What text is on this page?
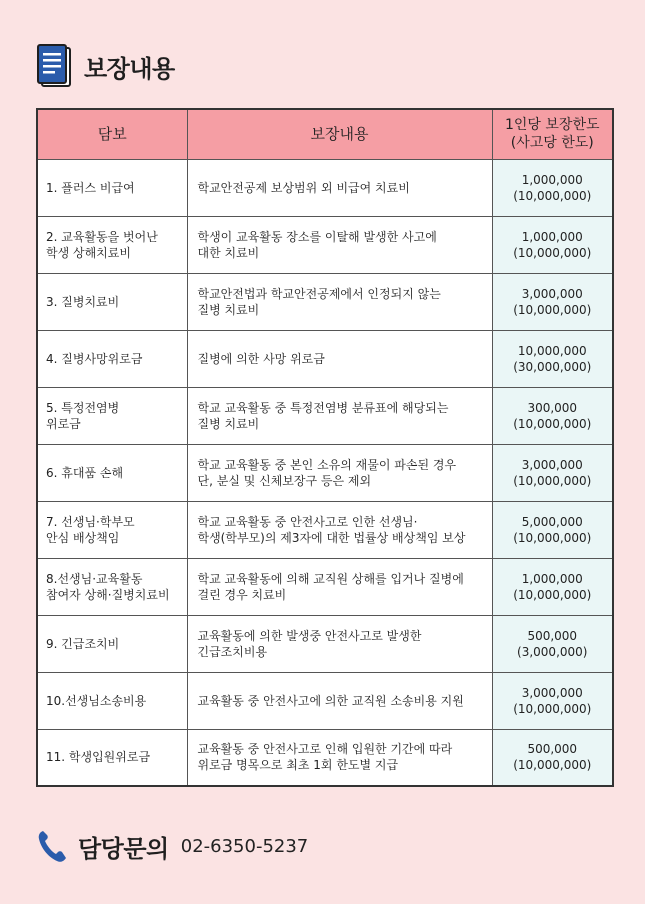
보장내용
담보	보장내용	1인당 보장한도
(사고당 한도)

1. 플러스 비급여	학교안전공제 보상범위 외 비급여 치료비	1,000,000
(10,000,000)

2. 교육활동을 벗어난
학생 상해치료비	학생이 교육활동 장소를 이탈해 발생한 사고에
대한 치료비	1,000,000
(10,000,000)

3. 질병치료비	학교안전법과 학교안전공제에서 인정되지 않는
질병 치료비	3,000,000
(10,000,000)

4. 질병사망위로금	질병에 의한 사망 위로금	10,000,000
(30,000,000)

5. 특정전염병
위로금	학교 교육활동 중 특정전염병 분류표에 해당되는
질병 치료비	300,000
(10,000,000)

6. 휴대품 손해	학교 교육활동 중 본인 소유의 재물이 파손된 경우
단, 분실 및 신체보장구 등은 제외	3,000,000
(10,000,000)

7. 선생님·학부모
안심 배상책임	학교 교육활동 중 안전사고로 인한 선생님·
학생(학부모)의 제3자에 대한 법률상 배상책임 보상	5,000,000
(10,000,000)

8.선생님·교육활동
참여자 상해·질병치료비	학교 교육활동에 의해 교직원 상해를 입거나 질병에
걸린 경우 치료비	1,000,000
(10,000,000)

9. 긴급조치비	교육활동에 의한 발생중 안전사고로 발생한
긴급조치비용	500,000
(3,000,000)

10.선생님소송비용	교육활동 중 안전사고에 의한 교직원 소송비용 지원	3,000,000
(10,000,000)

11. 학생입원위로금	교육활동 중 안전사고로 인해 입원한 기간에 따라
위로금 명목으로 최초 1회 한도별 지급	500,000
(10,000,000)
담당문의 02-6350-5237
